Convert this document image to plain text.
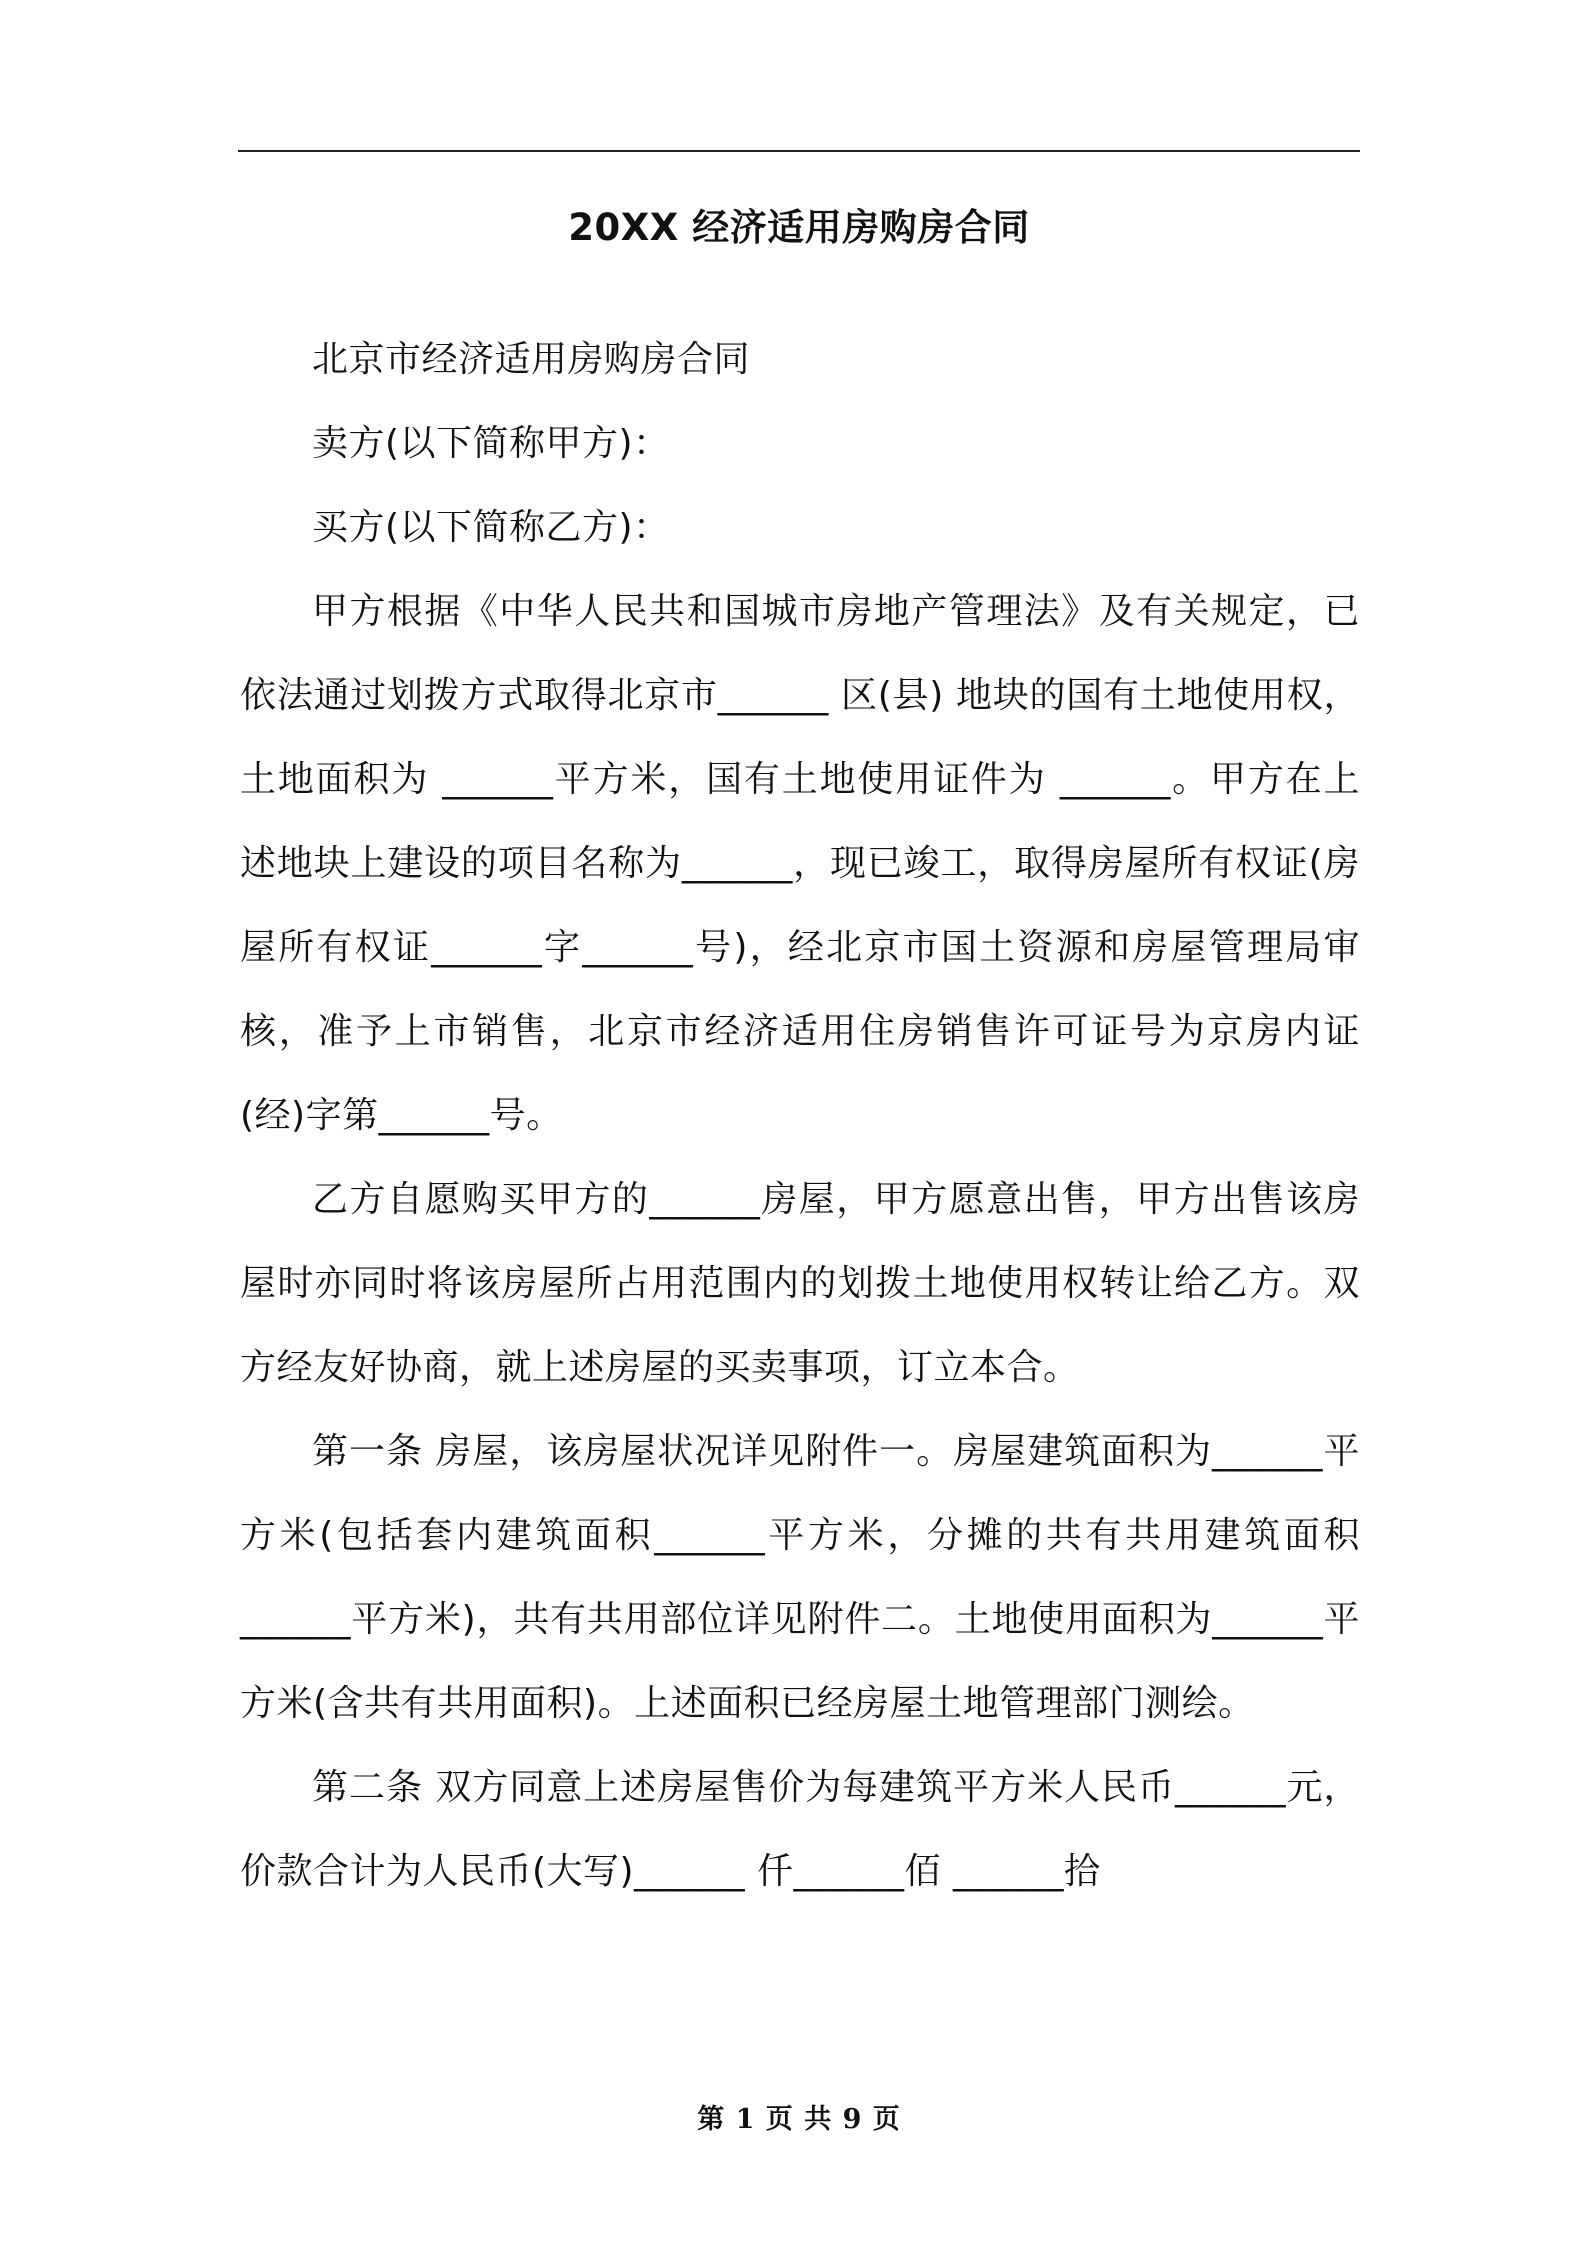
20XX 经济适用房购房合同

北京市经济适用房购房合同

卖方(以下简称甲方)：

买方(以下简称乙方)：

甲方根据《中华人民共和国城市房地产管理法》及有关规定，已依法通过划拨方式取得北京市______ 区(县) 地块的国有土地使用权，土地面积为 ______平方米，国有土地使用证件为 ______。甲方在上述地块上建设的项目名称为______，现已竣工，取得房屋所有权证(房屋所有权证______字______号)，经北京市国土资源和房屋管理局审核，准予上市销售，北京市经济适用住房销售许可证号为京房内证(经)字第______号。

乙方自愿购买甲方的______房屋，甲方愿意出售，甲方出售该房屋时亦同时将该房屋所占用范围内的划拨土地使用权转让给乙方。双方经友好协商，就上述房屋的买卖事项，订立本合。

第一条 房屋，该房屋状况详见附件一。房屋建筑面积为______平方米(包括套内建筑面积______平方米，分摊的共有共用建筑面积______平方米)，共有共用部位详见附件二。土地使用面积为______平方米(含共有共用面积)。上述面积已经房屋土地管理部门测绘。

第二条 双方同意上述房屋售价为每建筑平方米人民币______元，价款合计为人民币(大写)______ 仟______佰 ______拾

第 1 页 共 9 页
